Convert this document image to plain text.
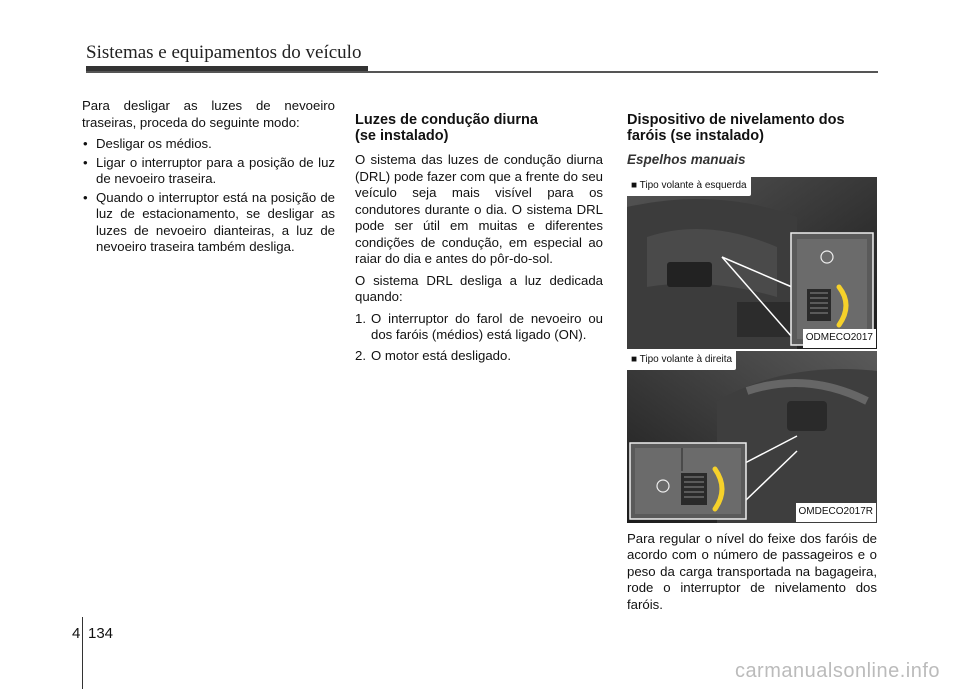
Sistemas e equipamentos do veículo

Para desligar as luzes de nevoeiro traseiras, proceda do seguinte modo:

• Desligar os médios.
• Ligar o interruptor para a posição de luz de nevoeiro traseira.
• Quando o interruptor está na posição de luz de estacionamento, se desligar as luzes de nevoeiro dianteiras, a luz de nevoeiro traseira também desliga.
Luzes de condução diurna
(se instalado)

O sistema das luzes de condução diurna (DRL) pode fazer com que a frente do seu veículo seja mais visível para os condutores durante o dia. O sistema DRL pode ser útil em muitas e diferentes condições de condução, em especial ao raiar do dia e antes do pôr-do-sol.

O sistema DRL desliga a luz dedicada quando:

1. O interruptor do farol de nevoeiro ou dos faróis (médios) está ligado (ON).
2. O motor está desligado.
Dispositivo de nivelamento dos
faróis (se instalado)
Espelhos manuais
■ Tipo volante à esquerda
ODMECO2017
■ Tipo volante à direita
OMDECO2017R

Para regular o nível do feixe dos faróis de acordo com o número de passageiros e o peso da carga transportada na bagageira, rode o interruptor de nivelamento dos faróis.

4 134
carmanualsonline.info
